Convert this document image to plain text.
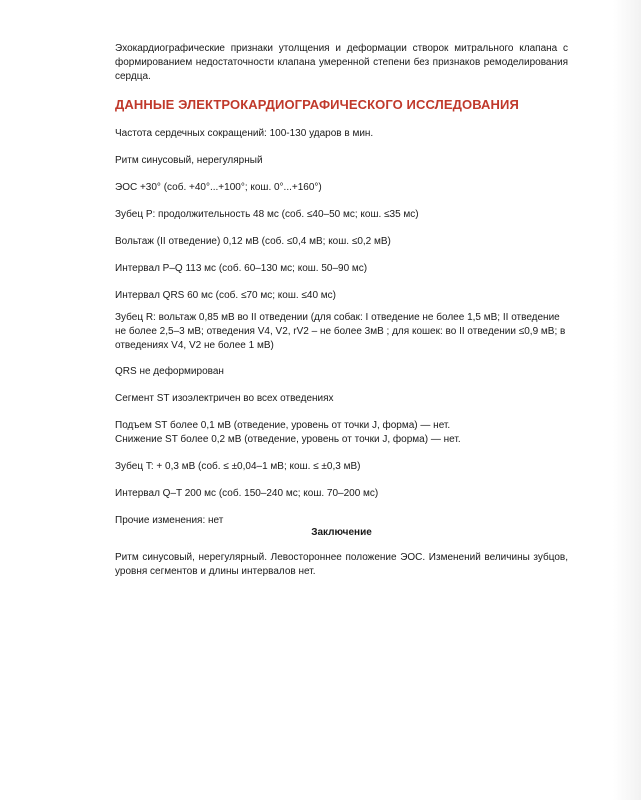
Эхокардиографические признаки утолщения и деформации створок митрального клапана с формированием недостаточности клапана умеренной степени без признаков ремоделирования сердца.

ДАННЫЕ ЭЛЕКТРОКАРДИОГРАФИЧЕСКОГО ИССЛЕДОВАНИЯ
Частота сердечных сокращений: 100-130 ударов в мин.
Ритм синусовый, нерегулярный
ЭОС +30° (соб. +40°...+100°; кош. 0°...+160°)
Зубец P: продолжительность 48 мс (соб. ≤40–50 мс; кош. ≤35 мс)
Вольтаж (II отведение) 0,12 мВ (соб. ≤0,4 мВ; кош. ≤0,2 мВ)
Интервал P–Q 113 мс (соб. 60–130 мс; кош. 50–90 мс)
Интервал QRS 60 мс (соб. ≤70 мс; кош. ≤40 мс)
Зубец R: вольтаж 0,85 мВ во II отведении (для собак: I отведение не более 1,5 мВ; II отведение не более 2,5–3 мВ; отведения V4, V2, rV2 – не более 3мВ ; для кошек: во II отведении ≤0,9 мВ; в отведениях V4, V2 не более 1 мВ)
QRS не деформирован
Сегмент ST изоэлектричен во всех отведениях
Подъем ST более 0,1 мВ (отведение, уровень от точки J, форма) — нет.
Снижение ST более 0,2 мВ (отведение, уровень от точки J, форма) — нет.
Зубец T: + 0,3 мВ (соб. ≤ ±0,04–1 мВ; кош. ≤ ±0,3 мВ)
Интервал Q–T 200 мс (соб. 150–240 мс; кош. 70–200 мс)
Прочие изменения: нет
Заключение
Ритм синусовый, нерегулярный. Левостороннее положение ЭОС. Изменений величины зубцов, уровня сегментов и длины интервалов нет.
